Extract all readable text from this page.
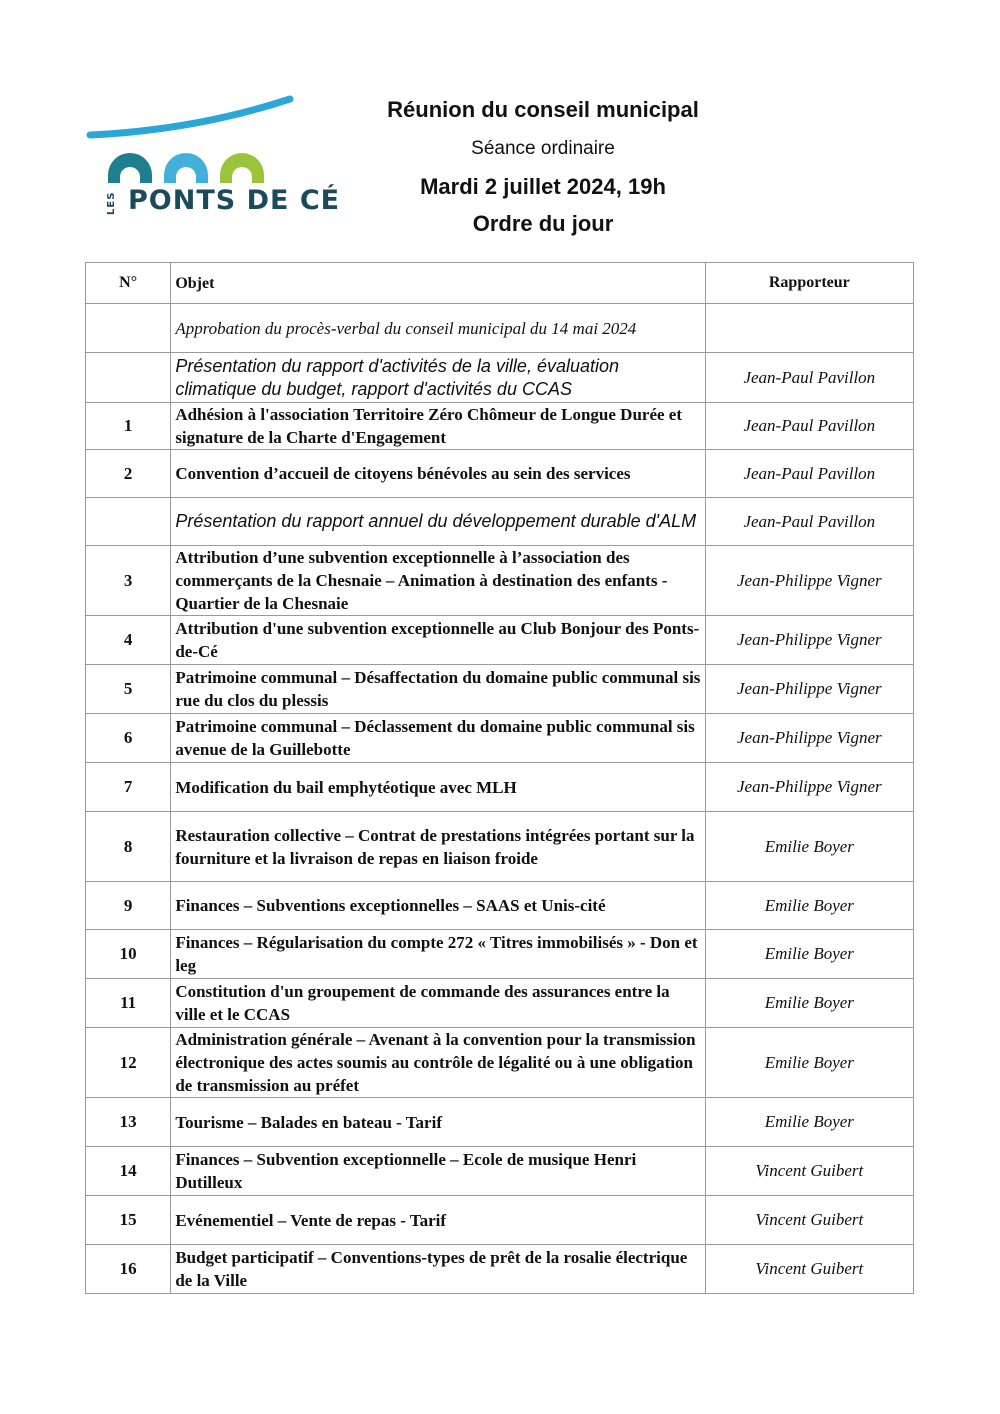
LES PONTS DE CÉ
Réunion du conseil municipal
Séance ordinaire
Mardi 2 juillet 2024, 19h
Ordre du jour
N°	Objet	Rapporteur
	Approbation du procès-verbal du conseil municipal du 14 mai 2024	
	Présentation du rapport d'activités de la ville, évaluation climatique du budget, rapport d'activités du CCAS	Jean-Paul Pavillon
1	Adhésion à l'association Territoire Zéro Chômeur de Longue Durée et signature de la Charte d'Engagement	Jean-Paul Pavillon
2	Convention d’accueil de citoyens bénévoles au sein des services	Jean-Paul Pavillon
	Présentation du rapport annuel du développement durable d'ALM	Jean-Paul Pavillon
3	Attribution d’une subvention exceptionnelle à l’association des commerçants de la Chesnaie – Animation à destination des enfants - Quartier de la Chesnaie	Jean-Philippe Vigner
4	Attribution d'une subvention exceptionnelle au Club Bonjour des Ponts-de-Cé	Jean-Philippe Vigner
5	Patrimoine communal – Désaffectation du domaine public communal sis rue du clos du plessis	Jean-Philippe Vigner
6	Patrimoine communal – Déclassement du domaine public communal sis avenue de la Guillebotte	Jean-Philippe Vigner
7	Modification du bail emphytéotique avec MLH	Jean-Philippe Vigner
8	Restauration collective – Contrat de prestations intégrées portant sur la fourniture et la livraison de repas en liaison froide	Emilie Boyer
9	Finances – Subventions exceptionnelles – SAAS et Unis-cité	Emilie Boyer
10	Finances – Régularisation du compte 272 « Titres immobilisés » - Don et leg	Emilie Boyer
11	Constitution d'un groupement de commande des assurances entre la ville et le CCAS	Emilie Boyer
12	Administration générale – Avenant à la convention pour la transmission électronique des actes soumis au contrôle de légalité ou à une obligation de transmission au préfet	Emilie Boyer
13	Tourisme – Balades en bateau - Tarif	Emilie Boyer
14	Finances – Subvention exceptionnelle – Ecole de musique Henri Dutilleux	Vincent Guibert
15	Evénementiel – Vente de repas - Tarif	Vincent Guibert
16	Budget participatif – Conventions-types de prêt de la rosalie électrique de la Ville	Vincent Guibert
